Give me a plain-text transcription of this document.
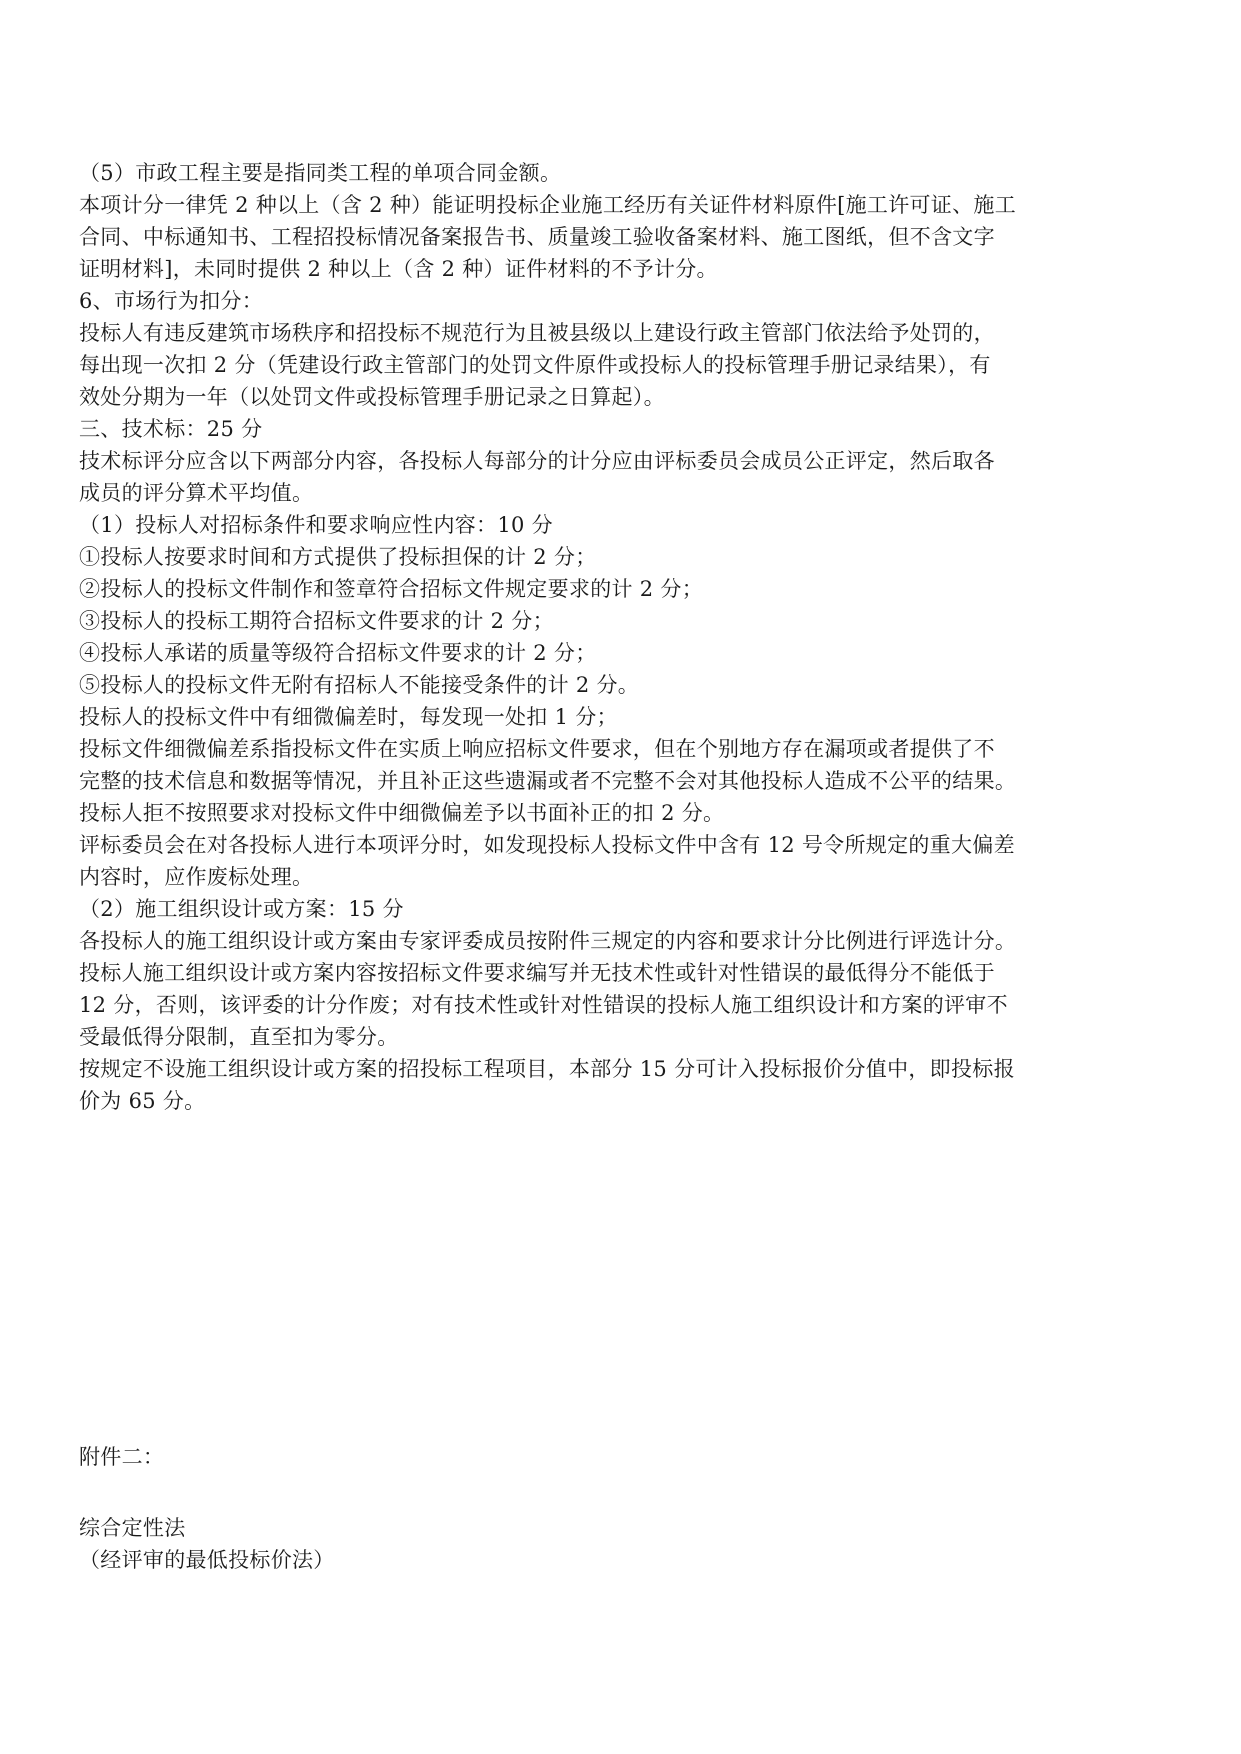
（5）市政工程主要是指同类工程的单项合同金额。
本项计分一律凭 2 种以上（含 2 种）能证明投标企业施工经历有关证件材料原件[施工许可证、施工
合同、中标通知书、工程招投标情况备案报告书、质量竣工验收备案材料、施工图纸，但不含文字
证明材料]，未同时提供 2 种以上（含 2 种）证件材料的不予计分。
6、市场行为扣分：
投标人有违反建筑市场秩序和招投标不规范行为且被县级以上建设行政主管部门依法给予处罚的，
每出现一次扣 2 分（凭建设行政主管部门的处罚文件原件或投标人的投标管理手册记录结果），有
效处分期为一年（以处罚文件或投标管理手册记录之日算起）。
三、技术标：25 分
技术标评分应含以下两部分内容，各投标人每部分的计分应由评标委员会成员公正评定，然后取各
成员的评分算术平均值。
（1）投标人对招标条件和要求响应性内容：10 分
①投标人按要求时间和方式提供了投标担保的计 2 分；
②投标人的投标文件制作和签章符合招标文件规定要求的计 2 分；
③投标人的投标工期符合招标文件要求的计 2 分；
④投标人承诺的质量等级符合招标文件要求的计 2 分；
⑤投标人的投标文件无附有招标人不能接受条件的计 2 分。
投标人的投标文件中有细微偏差时，每发现一处扣 1 分；
投标文件细微偏差系指投标文件在实质上响应招标文件要求，但在个别地方存在漏项或者提供了不
完整的技术信息和数据等情况，并且补正这些遗漏或者不完整不会对其他投标人造成不公平的结果。
投标人拒不按照要求对投标文件中细微偏差予以书面补正的扣 2 分。
评标委员会在对各投标人进行本项评分时，如发现投标人投标文件中含有 12 号令所规定的重大偏差
内容时，应作废标处理。
（2）施工组织设计或方案：15 分
各投标人的施工组织设计或方案由专家评委成员按附件三规定的内容和要求计分比例进行评选计分。
投标人施工组织设计或方案内容按招标文件要求编写并无技术性或针对性错误的最低得分不能低于
12 分，否则，该评委的计分作废；对有技术性或针对性错误的投标人施工组织设计和方案的评审不
受最低得分限制，直至扣为零分。
按规定不设施工组织设计或方案的招投标工程项目，本部分 15 分可计入投标报价分值中，即投标报
价为 65 分。
附件二：
综合定性法
（经评审的最低投标价法）
